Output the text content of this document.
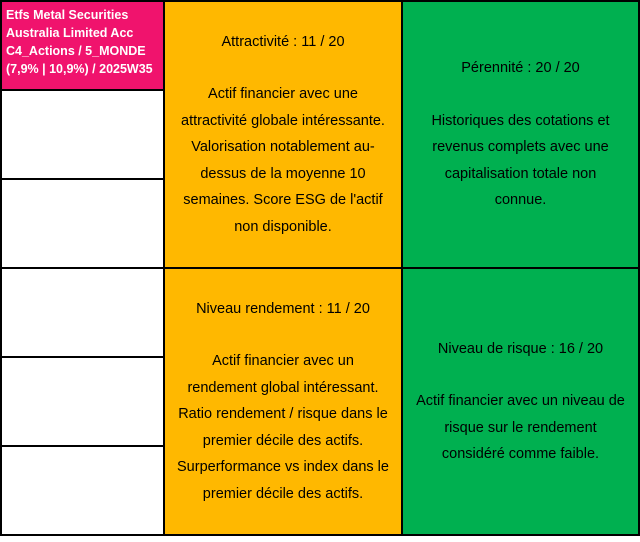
Etfs Metal Securities
Australia Limited Acc
C4_Actions / 5_MONDE
(7,9% | 10,9%) / 2025W35
Attractivité : 11 / 20
Actif financier avec une
attractivité globale intéressante.
Valorisation notablement au-
dessus de la moyenne 10
semaines. Score ESG de l'actif
non disponible.
Pérennité : 20 / 20
Historiques des cotations et
revenus complets avec une
capitalisation totale non
connue.
Niveau rendement : 11 / 20
Actif financier avec un
rendement global intéressant.
Ratio rendement / risque dans le
premier décile des actifs.
Surperformance vs index dans le
premier décile des actifs.
Niveau de risque : 16 / 20
Actif financier avec un niveau de
risque sur le rendement
considéré comme faible.
